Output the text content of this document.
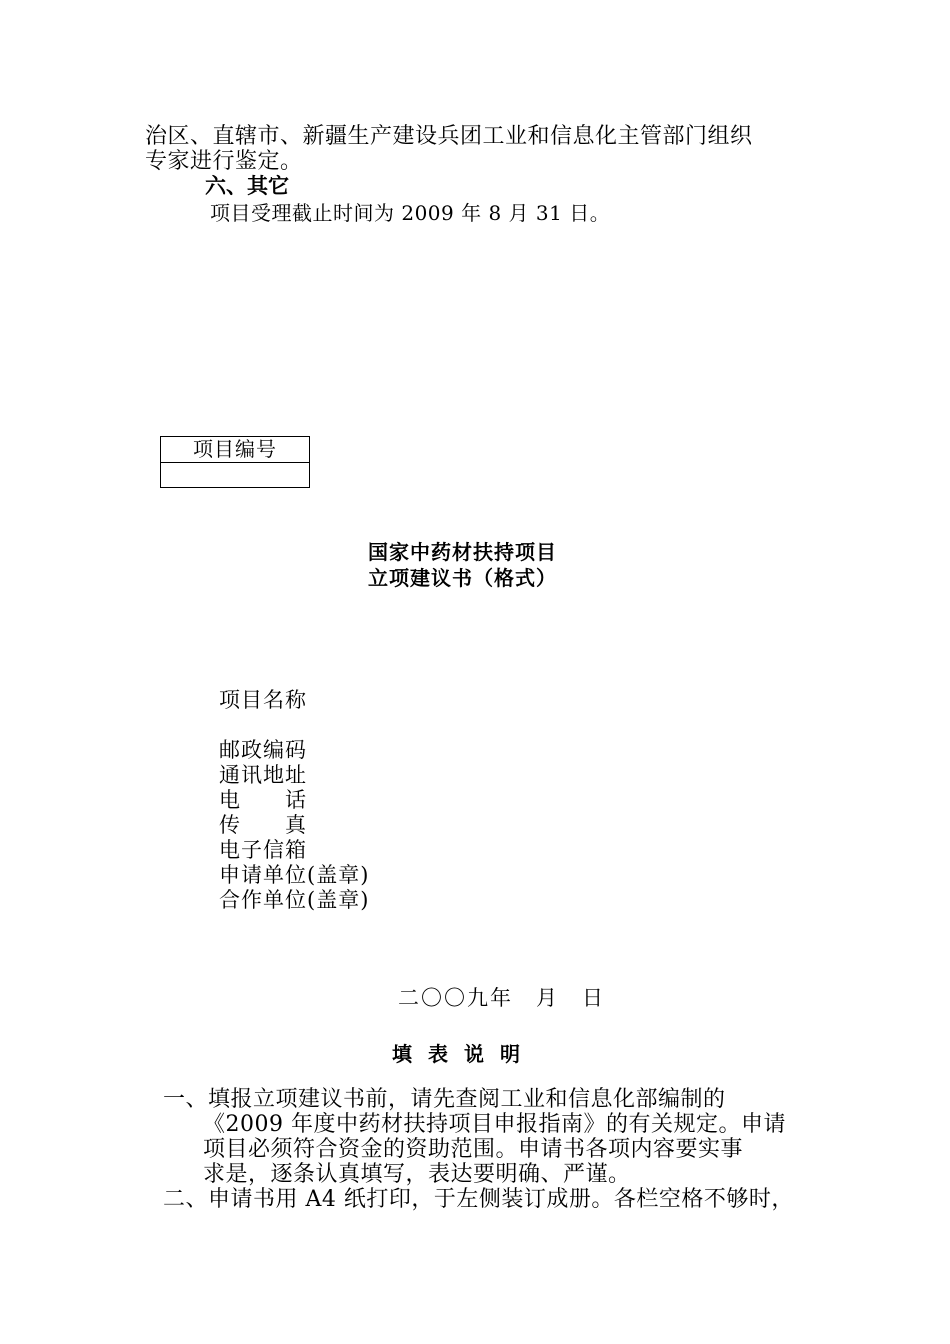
治区、直辖市、新疆生产建设兵团工业和信息化主管部门组织
专家进行鉴定。
六、其它
项目受理截止时间为 2009 年 8 月 31 日。
项目编号
国家中药材扶持项目
立项建议书（格式）
项目名称
邮政编码
通讯地址
电　　话
传　　真
电子信箱
申请单位(盖章)
合作单位(盖章)
二〇〇九年　月　日
填表说明
一、填报立项建议书前，请先查阅工业和信息化部编制的
《2009 年度中药材扶持项目申报指南》的有关规定。申请
项目必须符合资金的资助范围。申请书各项内容要实事
求是，逐条认真填写，表达要明确、严谨。
二、申请书用 A4 纸打印，于左侧装订成册。各栏空格不够时，
